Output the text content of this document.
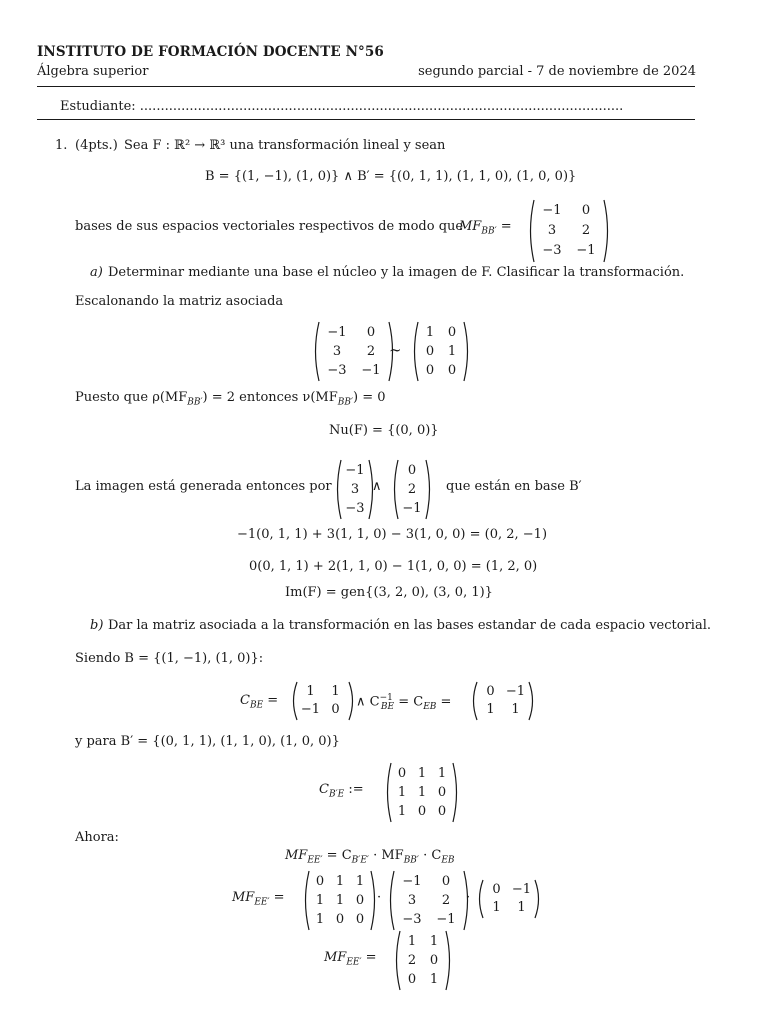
INSTITUTO DE FORMACIÓN DOCENTE N°56
Álgebra superior	segundo parcial - 7 de noviembre de 2024
Estudiante: .....................................................................................................................
1. (4pts.) Sea F : ℝ² → ℝ³ una transformación lineal y sean
B = {(1, −1), (1, 0)} ∧ B′ = {(0, 1, 1), (1, 1, 0), (1, 0, 0)}
bases de sus espacios vectoriales respectivos de modo que
$MF_{BB'}$ =
−1	0
3	2
−3	−1
a) Determinar mediante una base el núcleo y la imagen de F. Clasificar la transformación.
Escalonando la matriz asociada
−1	0
3	2
−3	−1
∼
1	0
0	1
0	0
Puesto que $\rho(MF_{BB'}) = 2$ entonces $\nu(MF_{BB'}) = 0$
Nu(F) = {(0, 0)}
La imagen está generada entonces por
−1
3
−3
∧
0
2
−1
que están en base B′
−1(0, 1, 1) + 3(1, 1, 0) − 3(1, 0, 0) = (0, 2, −1)
0(0, 1, 1) + 2(1, 1, 0) − 1(1, 0, 0) = (1, 2, 0)
Im(F) = gen{(3, 2, 0), (3, 0, 1)}
b) Dar la matriz asociada a la transformación en las bases estandar de cada espacio vectorial.
Siendo B = {(1, −1), (1, 0)}:
$C_{BE}$ =
1	1
−1 0
∧ $C^{-1}_{BE} = C_{EB}$ =
0 −1
1	1
y para B′ = {(0, 1, 1), (1, 1, 0), (1, 0, 0)}
$C_{B'E}$ :=
0 1 1
1 1 0
1 0 0
Ahora:
$MF_{EE'} = C_{B'E'} \cdot MF_{BB'} \cdot C_{EB}$
$MF_{EE'}$ =
0 1 1
1 1 0
1 0 0
·
−1	0
3	2
−3	−1
·
0 −1
1	1
$MF_{EE'}$ =
1	1
2	0
0	1
